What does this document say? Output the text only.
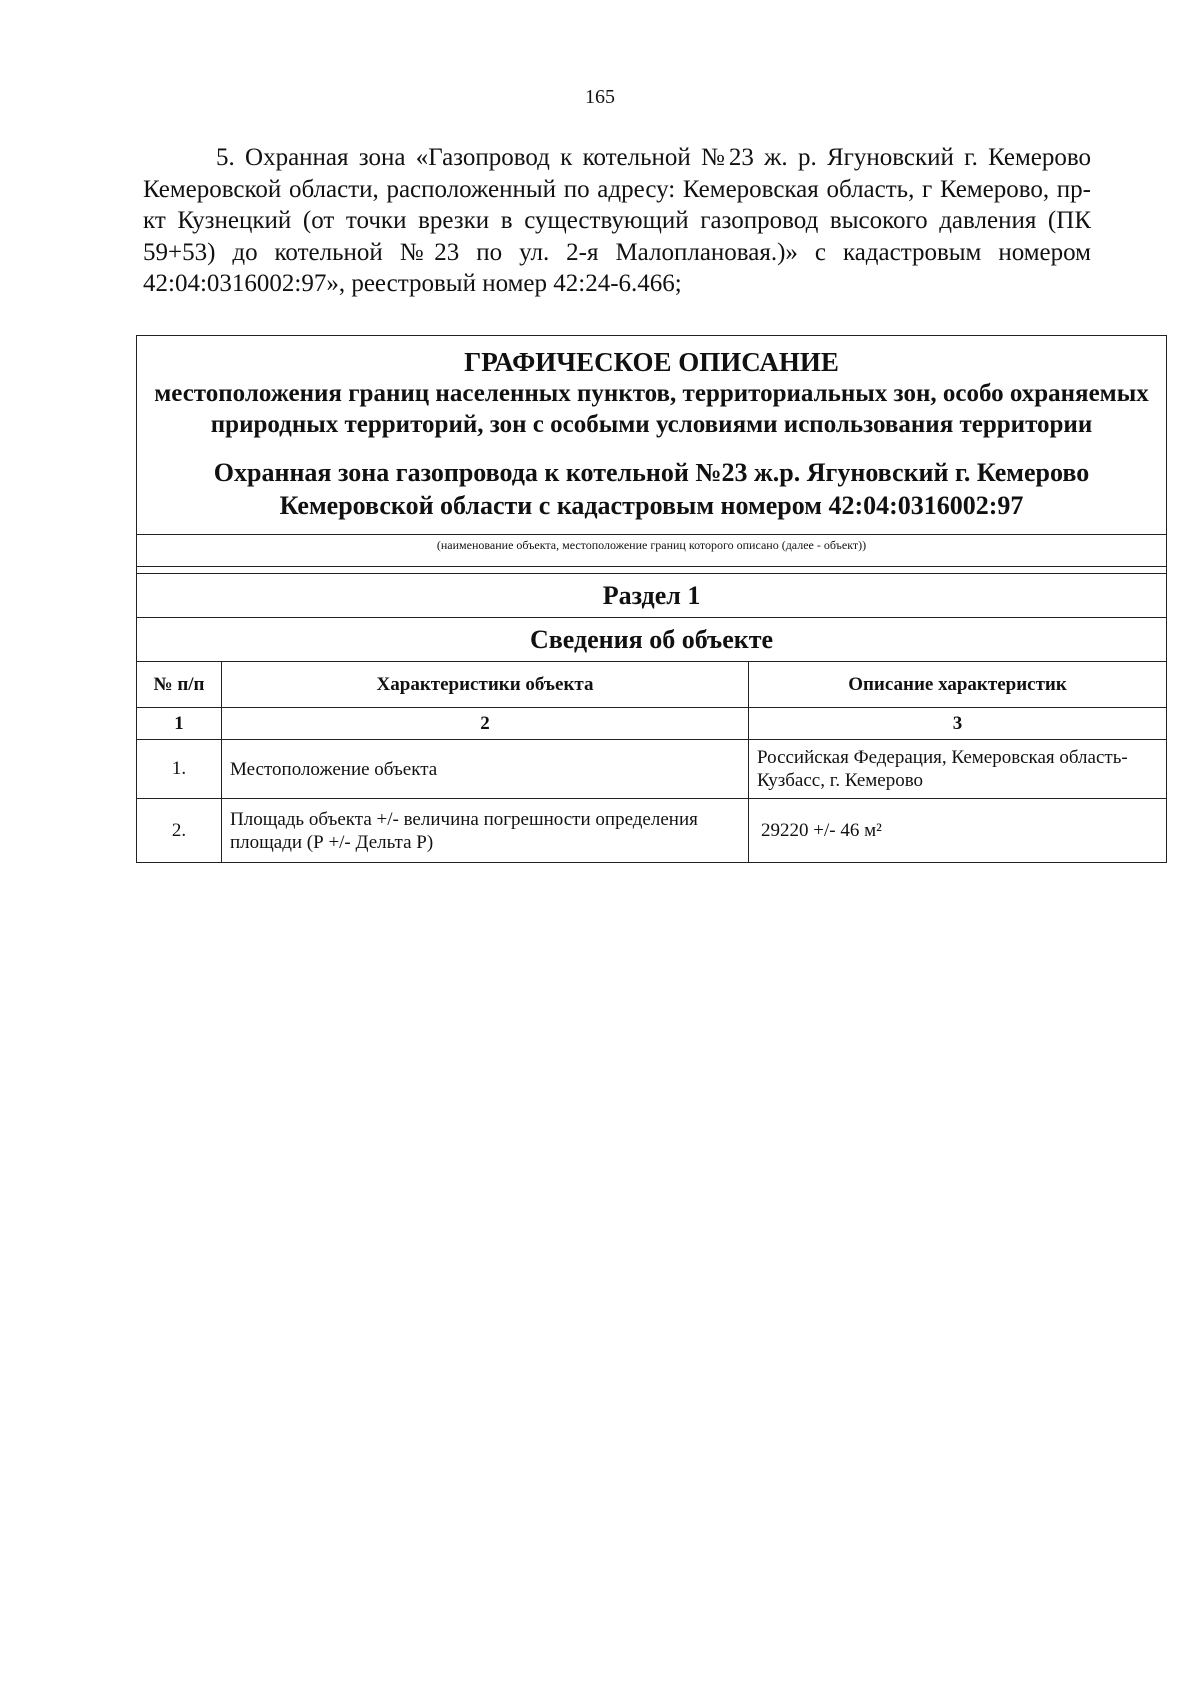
165

5. Охранная зона «Газопровод к котельной №23 ж. р. Ягуновский г. Кемерово Кемеровской области, расположенный по адресу: Кемеровская область, г Кемерово, пр-кт Кузнецкий (от точки врезки в существующий газопровод высокого давления (ПК 59+53) до котельной №23 по ул. 2-я Малоплановая.)» с кадастровым номером 42:04:0316002:97», реестровый номер 42:24-6.466;

ГРАФИЧЕСКОЕ ОПИСАНИЕ
местоположения границ населенных пунктов, территориальных зон, особо охраняемых природных территорий, зон с особыми условиями использования территории
Охранная зона газопровода к котельной №23 ж.р. Ягуновский г. Кемерово Кемеровской области с кадастровым номером 42:04:0316002:97		

(наименование объекта, местоположение границ которого описано (далее - объект))		

Раздел 1		
Сведения об объекте		
№ п/п	Характеристики объекта	Описание характеристик
1	2	3
1.	Местоположение объекта	Российская Федерация, Кемеровская область- Кузбасс, г. Кемерово
2.	Площадь объекта +/- величина погрешности определения площади (Р +/- Дельта Р)	29220 +/- 46 м²
